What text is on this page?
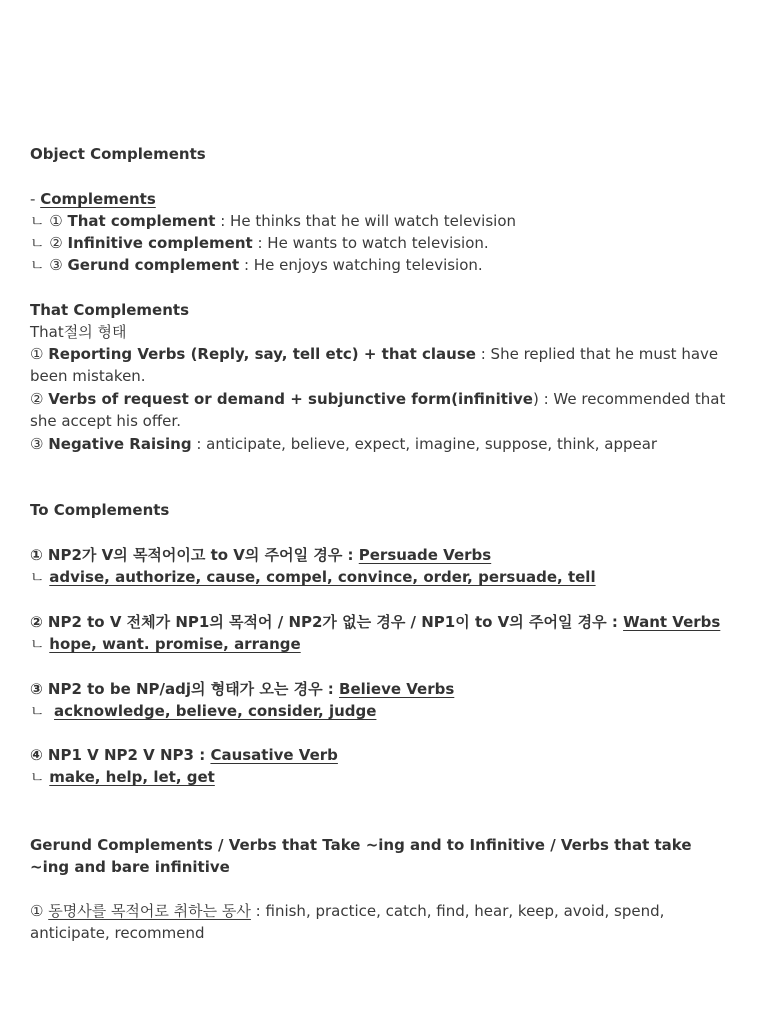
Object Complements
- Complements
ㄴ ① That complement : He thinks that he will watch television
ㄴ ② Infinitive complement : He wants to watch television.
ㄴ ③ Gerund complement : He enjoys watching television.
That Complements
That절의 형태
① Reporting Verbs (Reply, say, tell etc) + that clause : She replied that he must have been mistaken.
② Verbs of request or demand + subjunctive form(infinitive) : We recommended that she accept his offer.
③ Negative Raising : anticipate, believe, expect, imagine, suppose, think, appear
To Complements
① NP2가 V의 목적어이고 to V의 주어일 경우 : Persuade Verbs
ㄴ advise, authorize, cause, compel, convince, order, persuade, tell
② NP2 to V 전체가 NP1의 목적어 / NP2가 없는 경우 / NP1이 to V의 주어일 경우 : Want Verbs
ㄴ hope, want. promise, arrange
③ NP2 to be NP/adj의 형태가 오는 경우 : Believe Verbs
ㄴ  acknowledge, believe, consider, judge
④ NP1 V NP2 V NP3 : Causative Verb
ㄴ make, help, let, get
Gerund Complements / Verbs that Take ~ing and to Infinitive / Verbs that take ~ing and bare infinitive
① 동명사를 목적어로 취하는 동사 : finish, practice, catch, find, hear, keep, avoid, spend, anticipate, recommend
